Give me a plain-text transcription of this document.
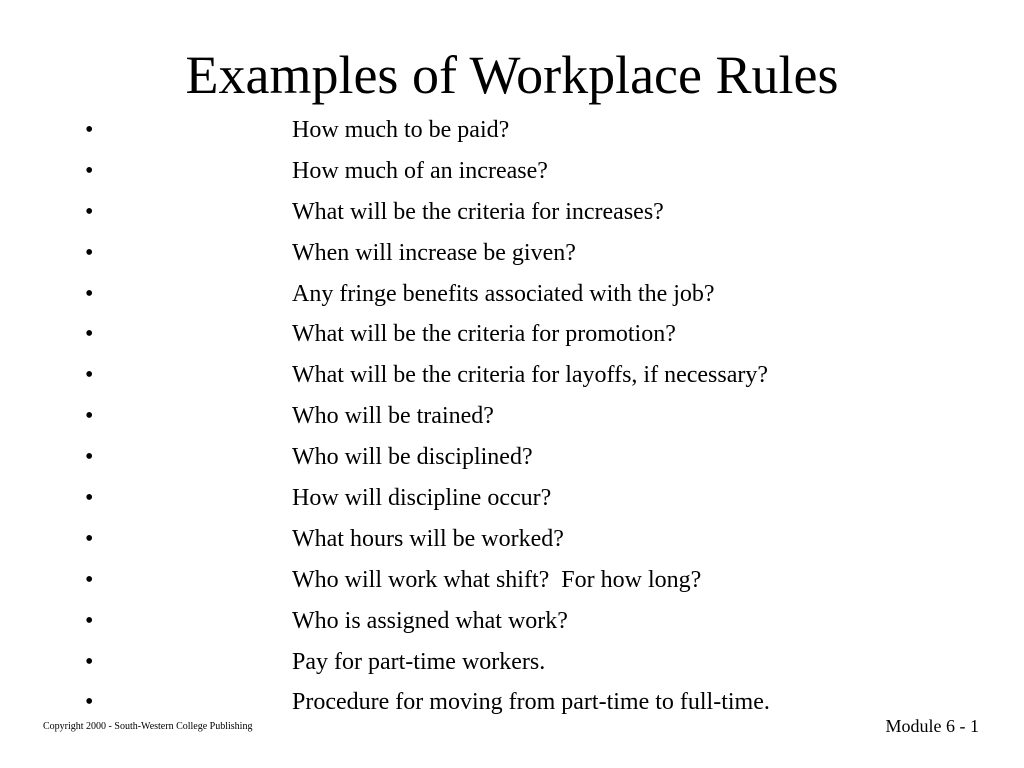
Examples of Workplace Rules
•	How much to be paid?
•	How much of an increase?
•	What will be the criteria for increases?
•	When will increase be given?
•	Any fringe benefits associated with the job?
•	What will be the criteria for promotion?
•	What will be the criteria for layoffs, if necessary?
•	Who will be trained?
•	Who will be disciplined?
•	How will discipline occur?
•	What hours will be worked?
•	Who will work what shift?  For how long?
•	Who is assigned what work?
•	Pay for part-time workers.
•	Procedure for moving from part-time to full-time.
Copyright 2000 - South-Western College Publishing	Module 6 - 1
